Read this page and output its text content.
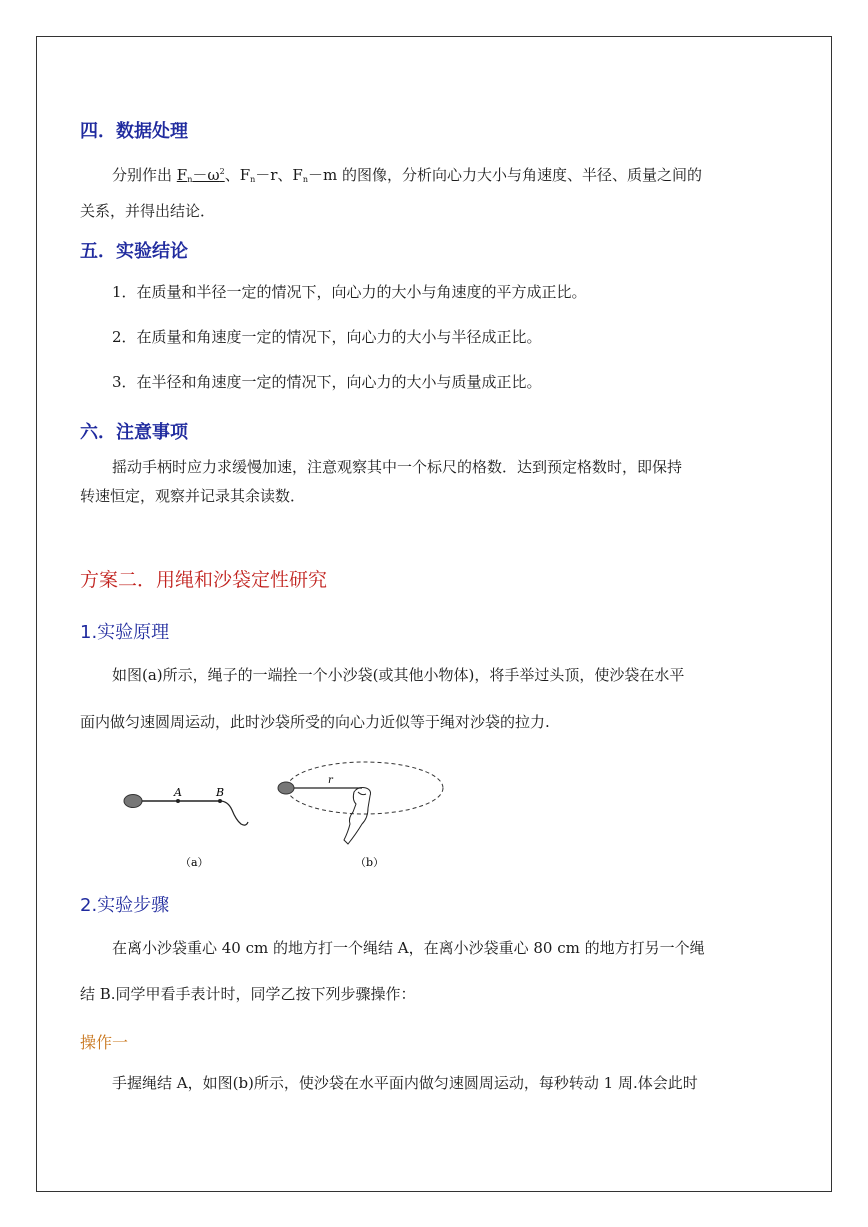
四．数据处理
分别作出 $F_n-\omega^2$、$F_n-r$、$F_n-m$ 的图像，分析向心力大小与角速度、半径、质量之间的
关系，并得出结论．
五．实验结论
1．在质量和半径一定的情况下，向心力的大小与角速度的平方成正比。
2．在质量和角速度一定的情况下，向心力的大小与半径成正比。
3．在半径和角速度一定的情况下，向心力的大小与质量成正比。
六．注意事项
摇动手柄时应力求缓慢加速，注意观察其中一个标尺的格数．达到预定格数时，即保持
转速恒定，观察并记录其余读数．
方案二．用绳和沙袋定性研究
1.实验原理
如图(a)所示，绳子的一端拴一个小沙袋(或其他小物体)，将手举过头顶，使沙袋在水平
面内做匀速圆周运动，此时沙袋所受的向心力近似等于绳对沙袋的拉力.
A	B
（a）
r
（b）
2.实验步骤
在离小沙袋重心 40 cm 的地方打一个绳结 A，在离小沙袋重心 80 cm 的地方打另一个绳
结 B.同学甲看手表计时，同学乙按下列步骤操作：
操作一
手握绳结 A，如图(b)所示，使沙袋在水平面内做匀速圆周运动，每秒转动 1 周.体会此时
